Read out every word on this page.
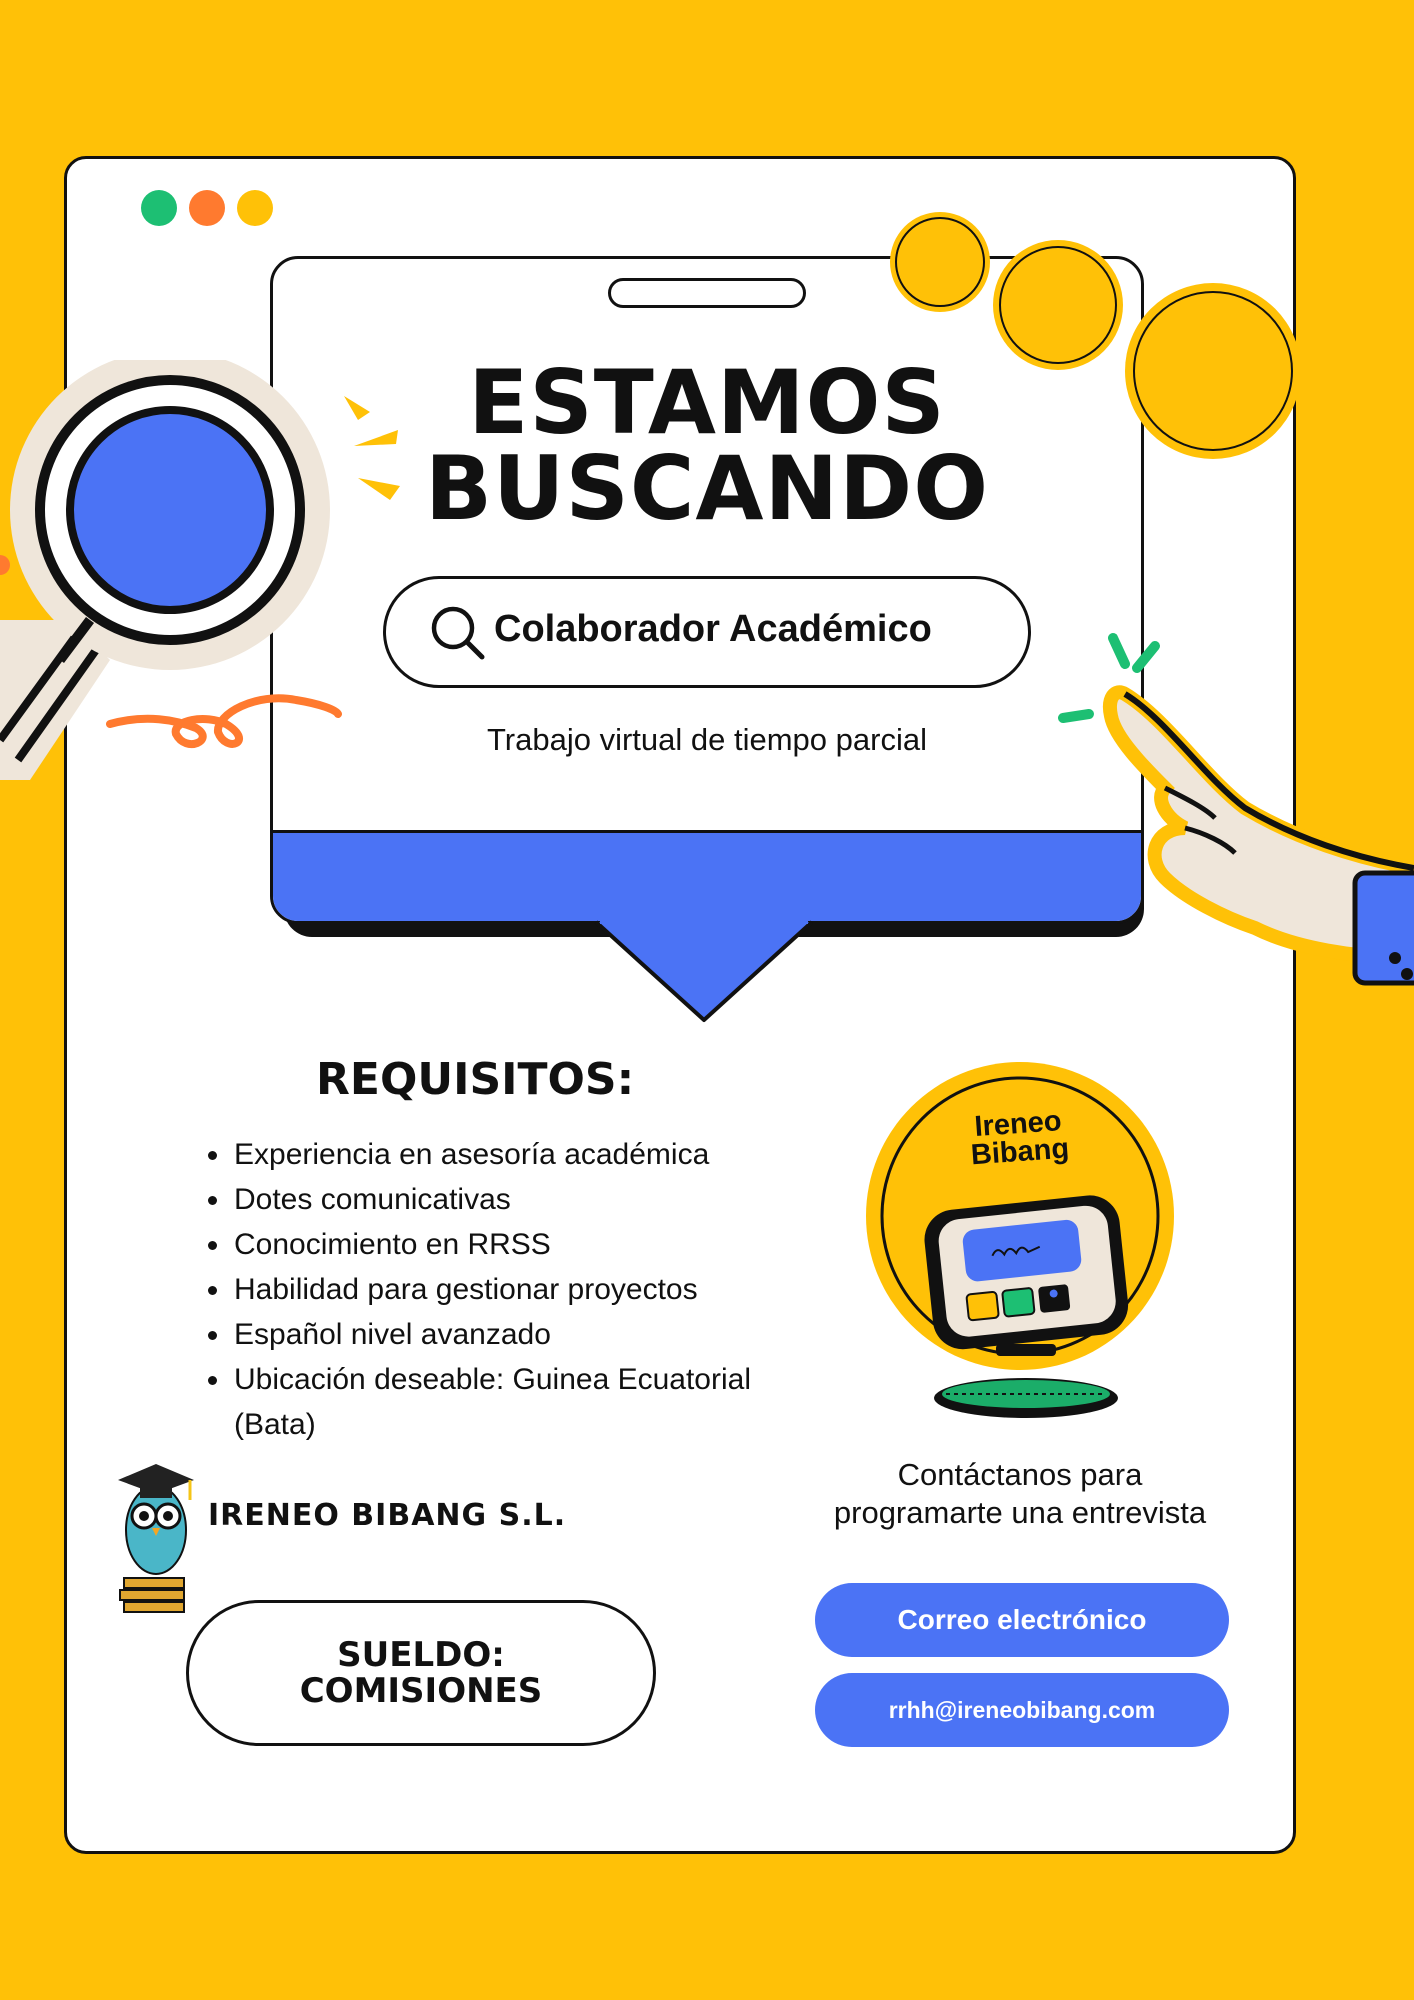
ESTAMOS
BUSCANDO
Colaborador Académico
Trabajo virtual de tiempo parcial
REQUISITOS:
• Experiencia en asesoría académica
• Dotes comunicativas
• Conocimiento en RRSS
• Habilidad para gestionar proyectos
• Español nivel avanzado
• Ubicación deseable: Guinea Ecuatorial (Bata)
IRENEO BIBANG S.L.
SUELDO:
COMISIONES
Ireneo
Bibang
Contáctanos para
programarte una entrevista
Correo electrónico
rrhh@ireneobibang.com
